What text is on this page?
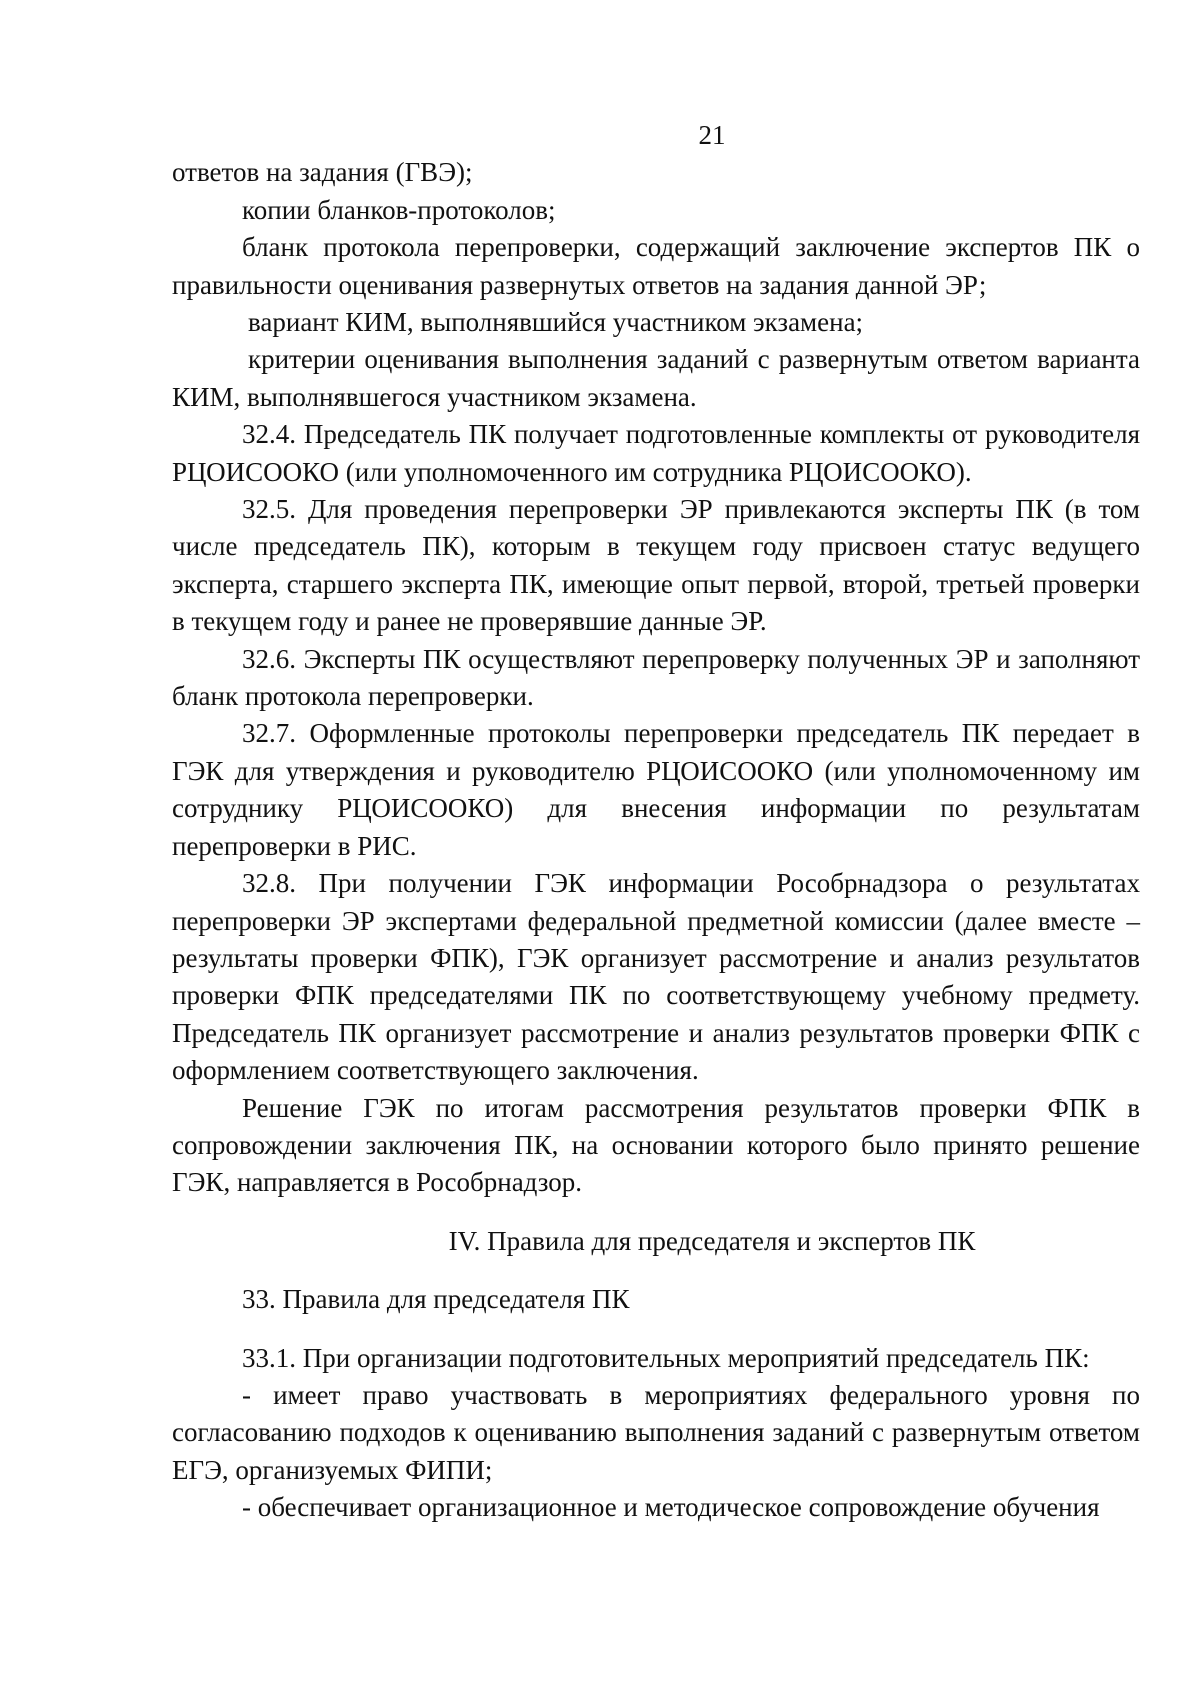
21

ответов на задания (ГВЭ);

копии бланков-протоколов;

бланк протокола перепроверки, содержащий заключение экспертов ПК о правильности оценивания развернутых ответов на задания данной ЭР;

вариант КИМ, выполнявшийся участником экзамена;

критерии оценивания выполнения заданий с развернутым ответом варианта КИМ, выполнявшегося участником экзамена.

32.4. Председатель ПК получает подготовленные комплекты от руководителя РЦОИСООКО (или уполномоченного им сотрудника РЦОИСООКО).

32.5. Для проведения перепроверки ЭР привлекаются эксперты ПК (в том числе председатель ПК), которым в текущем году присвоен статус ведущего эксперта, старшего эксперта ПК, имеющие опыт первой, второй, третьей проверки в текущем году и ранее не проверявшие данные ЭР.

32.6. Эксперты ПК осуществляют перепроверку полученных ЭР и заполняют бланк протокола перепроверки.

32.7. Оформленные протоколы перепроверки председатель ПК передает в ГЭК для утверждения и руководителю РЦОИСООКО (или уполномоченному им сотруднику РЦОИСООКО) для внесения информации по результатам перепроверки в РИС.

32.8. При получении ГЭК информации Рособрнадзора о результатах перепроверки ЭР экспертами федеральной предметной комиссии (далее вместе – результаты проверки ФПК), ГЭК организует рассмотрение и анализ результатов проверки ФПК председателями ПК по соответствующему учебному предмету. Председатель ПК организует рассмотрение и анализ результатов проверки ФПК с оформлением соответствующего заключения.

Решение ГЭК по итогам рассмотрения результатов проверки ФПК в сопровождении заключения ПК, на основании которого было принято решение ГЭК, направляется в Рособрнадзор.

IV. Правила для председателя и экспертов ПК

33. Правила для председателя ПК

33.1. При организации подготовительных мероприятий председатель ПК:

- имеет право участвовать в мероприятиях федерального уровня по согласованию подходов к оцениванию выполнения заданий с развернутым ответом ЕГЭ, организуемых ФИПИ;

- обеспечивает организационное и методическое сопровождение обучения
